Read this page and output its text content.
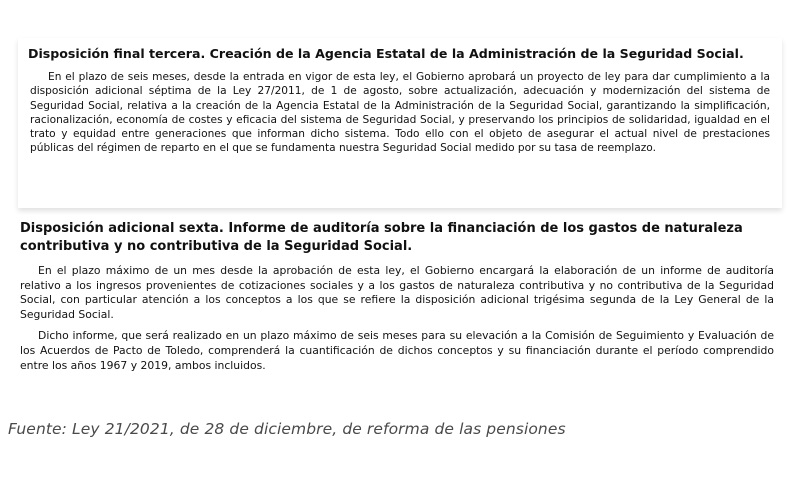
Disposición final tercera. Creación de la Agencia Estatal de la Administración de la Seguridad Social.

En el plazo de seis meses, desde la entrada en vigor de esta ley, el Gobierno aprobará un proyecto de ley para dar cumplimiento a la disposición adicional séptima de la Ley 27/2011, de 1 de agosto, sobre actualización, adecuación y modernización del sistema de Seguridad Social, relativa a la creación de la Agencia Estatal de la Administración de la Seguridad Social, garantizando la simplificación, racionalización, economía de costes y eficacia del sistema de Seguridad Social, y preservando los principios de solidaridad, igualdad en el trato y equidad entre generaciones que informan dicho sistema. Todo ello con el objeto de asegurar el actual nivel de prestaciones públicas del régimen de reparto en el que se fundamenta nuestra Seguridad Social medido por su tasa de reemplazo.

Disposición adicional sexta. Informe de auditoría sobre la financiación de los gastos de naturaleza contributiva y no contributiva de la Seguridad Social.

En el plazo máximo de un mes desde la aprobación de esta ley, el Gobierno encargará la elaboración de un informe de auditoría relativo a los ingresos provenientes de cotizaciones sociales y a los gastos de naturaleza contributiva y no contributiva de la Seguridad Social, con particular atención a los conceptos a los que se refiere la disposición adicional trigésima segunda de la Ley General de la Seguridad Social.

Dicho informe, que será realizado en un plazo máximo de seis meses para su elevación a la Comisión de Seguimiento y Evaluación de los Acuerdos de Pacto de Toledo, comprenderá la cuantificación de dichos conceptos y su financiación durante el período comprendido entre los años 1967 y 2019, ambos incluidos.

Fuente: Ley 21/2021, de 28 de diciembre, de reforma de las pensiones
